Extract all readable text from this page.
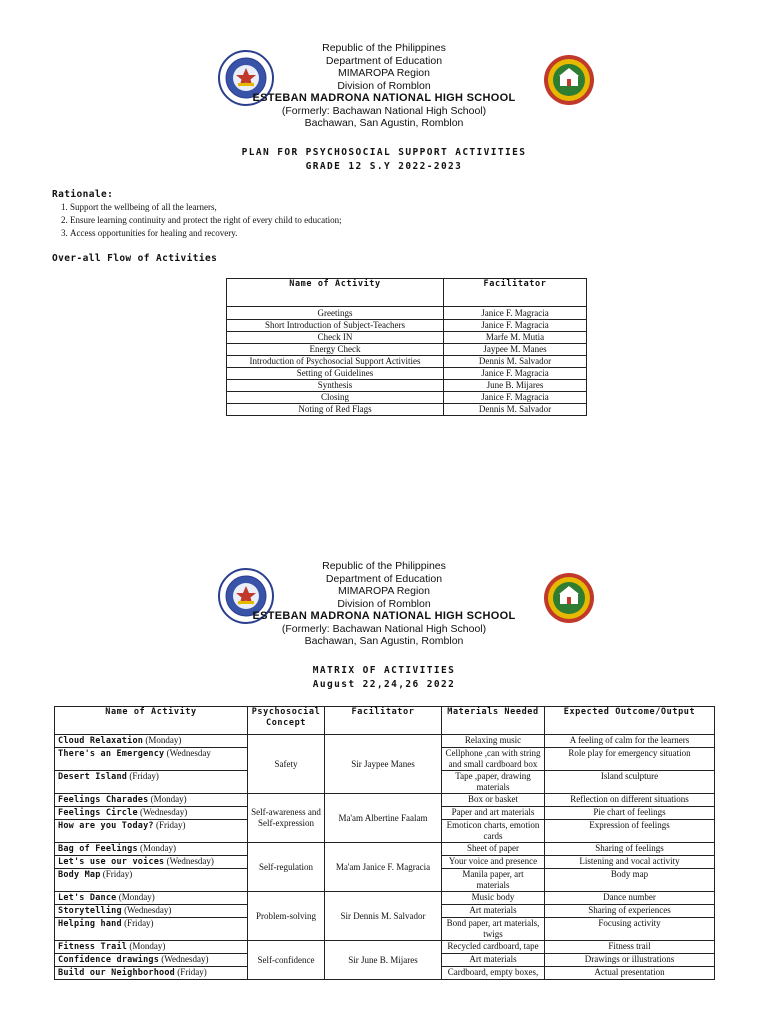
Republic of the Philippines
Department of Education
MIMAROPA Region
Division of Romblon
ESTEBAN MADRONA NATIONAL HIGH SCHOOL
(Formerly: Bachawan National High School)
Bachawan, San Agustin, Romblon
PLAN FOR PSYCHOSOCIAL SUPPORT ACTIVITIES
GRADE 12 S.Y 2022-2023
Rationale:
1. Support the wellbeing of all the learners,
2. Ensure learning continuity and protect the right of every child to education;
3. Access opportunities for healing and recovery.
Over-all Flow of Activities
Name of Activity	Facilitator
Greetings	Janice F. Magracia
Short Introduction of Subject-Teachers	Janice F. Magracia
Check IN	Marfe M. Mutia
Energy Check	Jaypee M. Manes
Introduction of Psychosocial Support Activities	Dennis M. Salvador
Setting of Guidelines	Janice F. Magracia
Synthesis	June B. Mijares
Closing	Janice F. Magracia
Noting of Red Flags	Dennis M. Salvador
Republic of the Philippines
Department of Education
MIMAROPA Region
Division of Romblon
ESTEBAN MADRONA NATIONAL HIGH SCHOOL
(Formerly: Bachawan National High School)
Bachawan, San Agustin, Romblon
MATRIX OF ACTIVITIES
August 22,24,26 2022
Name of Activity	Psychosocial Concept	Facilitator	Materials Needed	Expected Outcome/Output
Cloud Relaxation (Monday)	Safety	Sir Jaypee Manes	Relaxing music	A feeling of calm for the learners
There's an Emergency (Wednesday			Cellphone ,can with string and small cardboard box	Role play for emergency situation
Desert Island (Friday)			Tape ,paper, drawing materials	Island sculpture
Feelings Charades (Monday)	Self-awareness and Self-expression	Ma'am Albertine Faalam	Box or basket	Reflection on different situations
Feelings Circle (Wednesday)			Paper and art materials	Pie chart of feelings
How are you Today? (Friday)			Emoticon charts, emotion cards	Expression of feelings
Bag of Feelings (Monday)	Self-regulation	Ma'am Janice F. Magracia	Sheet of paper	Sharing of feelings
Let's use our voices (Wednesday)			Your voice and presence	Listening and vocal activity
Body Map (Friday)			Manila paper, art materials	Body map
Let's Dance (Monday)	Problem-solving	Sir Dennis M. Salvador	Music body	Dance number
Storytelling (Wednesday)			Art materials	Sharing of experiences
Helping hand (Friday)			Bond paper, art materials, twigs	Focusing activity
Fitness Trail (Monday)	Self-confidence	Sir June B. Mijares	Recycled cardboard, tape	Fitness trail
Confidence drawings (Wednesday)			Art materials	Drawings or illustrations
Build our Neighborhood (Friday)			Cardboard, empty boxes,	Actual presentation
